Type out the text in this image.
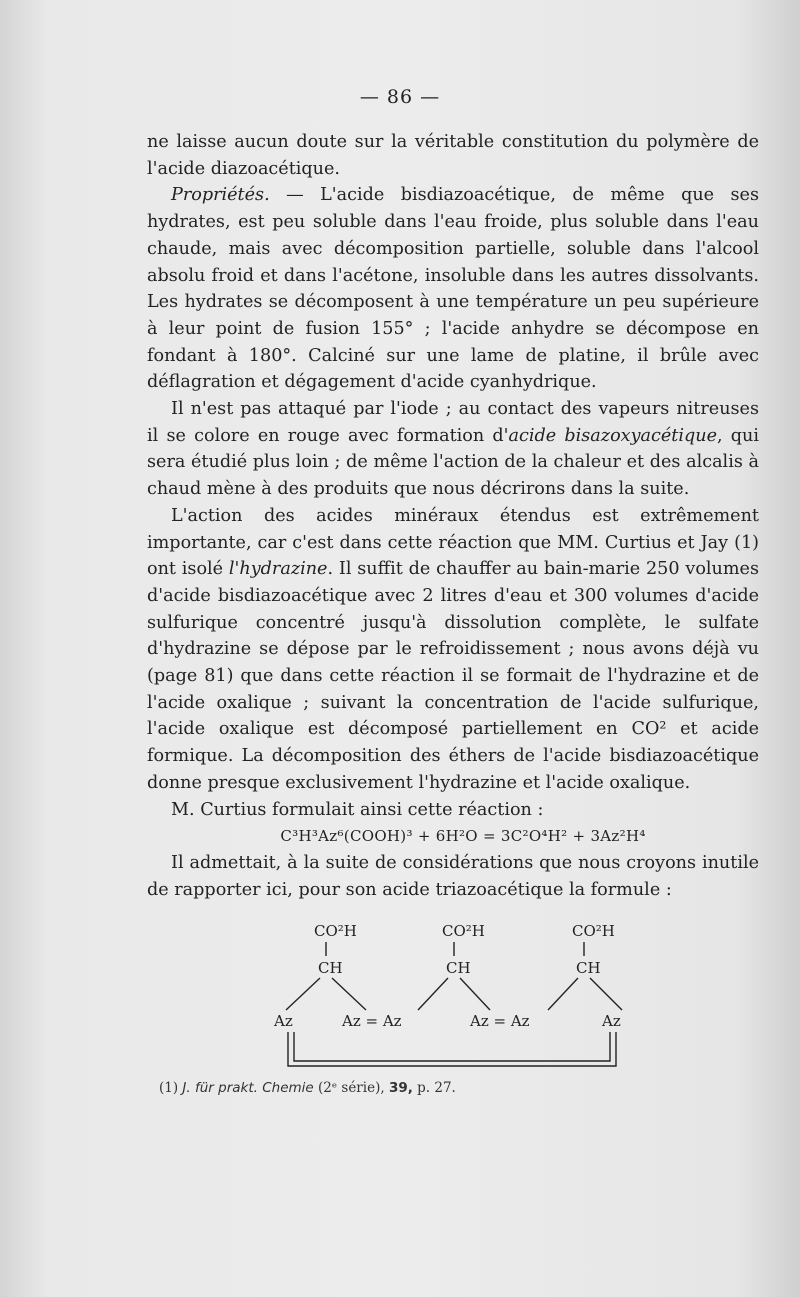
— 86 —

ne laisse aucun doute sur la véritable constitution du polymère de l'acide diazoacétique.

Propriétés. — L'acide bisdiazoacétique, de même que ses hydrates, est peu soluble dans l'eau froide, plus soluble dans l'eau chaude, mais avec décomposition partielle, soluble dans l'alcool absolu froid et dans l'acétone, insoluble dans les autres dissolvants. Les hydrates se décomposent à une température un peu supérieure à leur point de fusion 155° ; l'acide anhydre se décompose en fondant à 180°. Calciné sur une lame de platine, il brûle avec déflagration et dégagement d'acide cyanhydrique.

Il n'est pas attaqué par l'iode ; au contact des vapeurs nitreuses il se colore en rouge avec formation d'acide bisazoxyacétique, qui sera étudié plus loin ; de même l'action de la chaleur et des alcalis à chaud mène à des produits que nous décrirons dans la suite.

L'action des acides minéraux étendus est extrêmement importante, car c'est dans cette réaction que MM. Curtius et Jay (1) ont isolé l'hydrazine. Il suffit de chauffer au bain-marie 250 volumes d'acide bisdiazoacétique avec 2 litres d'eau et 300 volumes d'acide sulfurique concentré jusqu'à dissolution complète, le sulfate d'hydrazine se dépose par le refroidissement ; nous avons déjà vu (page 81) que dans cette réaction il se formait de l'hydrazine et de l'acide oxalique ; suivant la concentration de l'acide sulfurique, l'acide oxalique est décomposé partiellement en CO² et acide formique. La décomposition des éthers de l'acide bisdiazoacétique donne presque exclusivement l'hydrazine et l'acide oxalique.

M. Curtius formulait ainsi cette réaction :

C³H³Az⁶(COOH)³ + 6H²O = 3C²O⁴H² + 3Az²H⁴

Il admettait, à la suite de considérations que nous croyons inutile de rapporter ici, pour son acide triazoacétique la formule :

CO²H	CO²H	CO²H
CH	CH	CH
Az	Az = Az	Az = Az	Az
(1) J. für prakt. Chemie (2ᵉ série), 39, p. 27.
